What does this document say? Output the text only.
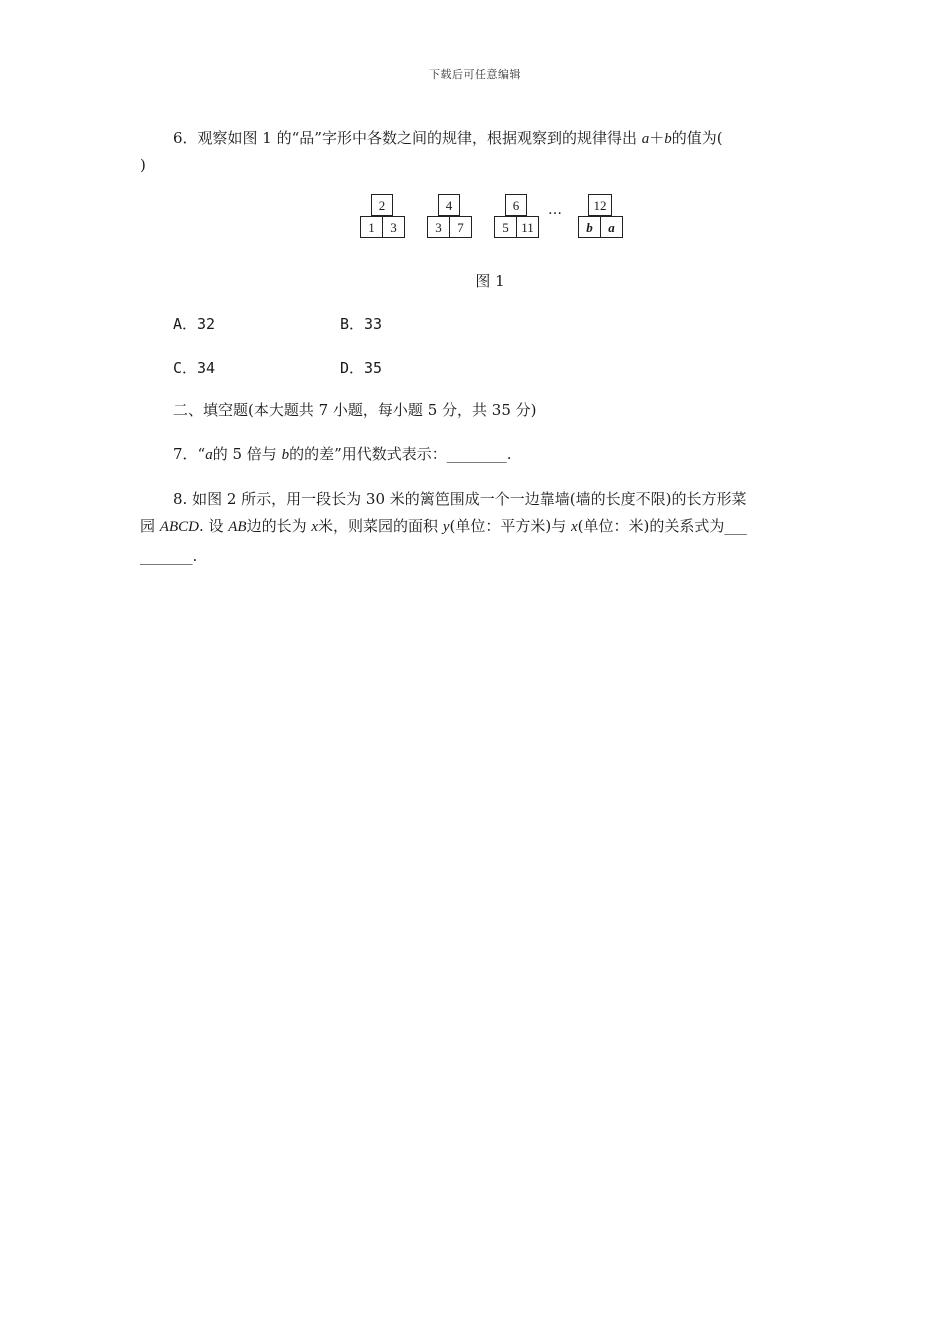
下载后可任意编辑
6．观察如图 1 的“品”字形中各数之间的规律，根据观察到的规律得出 a＋b的值为(
)
2
1	3
4
3	7
6
5 11
…	12
b	a
图 1
A．32	B．33
C．34	D．35
二、填空题(本大题共 7 小题，每小题 5 分，共 35 分)
7．“a的 5 倍与 b的的差”用代数式表示：________.
8. 如图 2 所示，用一段长为 30 米的篱笆围成一个一边靠墙(墙的长度不限)的长方形菜
园 ABCD. 设 AB边的长为 x米，则菜园的面积 y(单位：平方米)与 x(单位：米)的关系式为___
_______.
